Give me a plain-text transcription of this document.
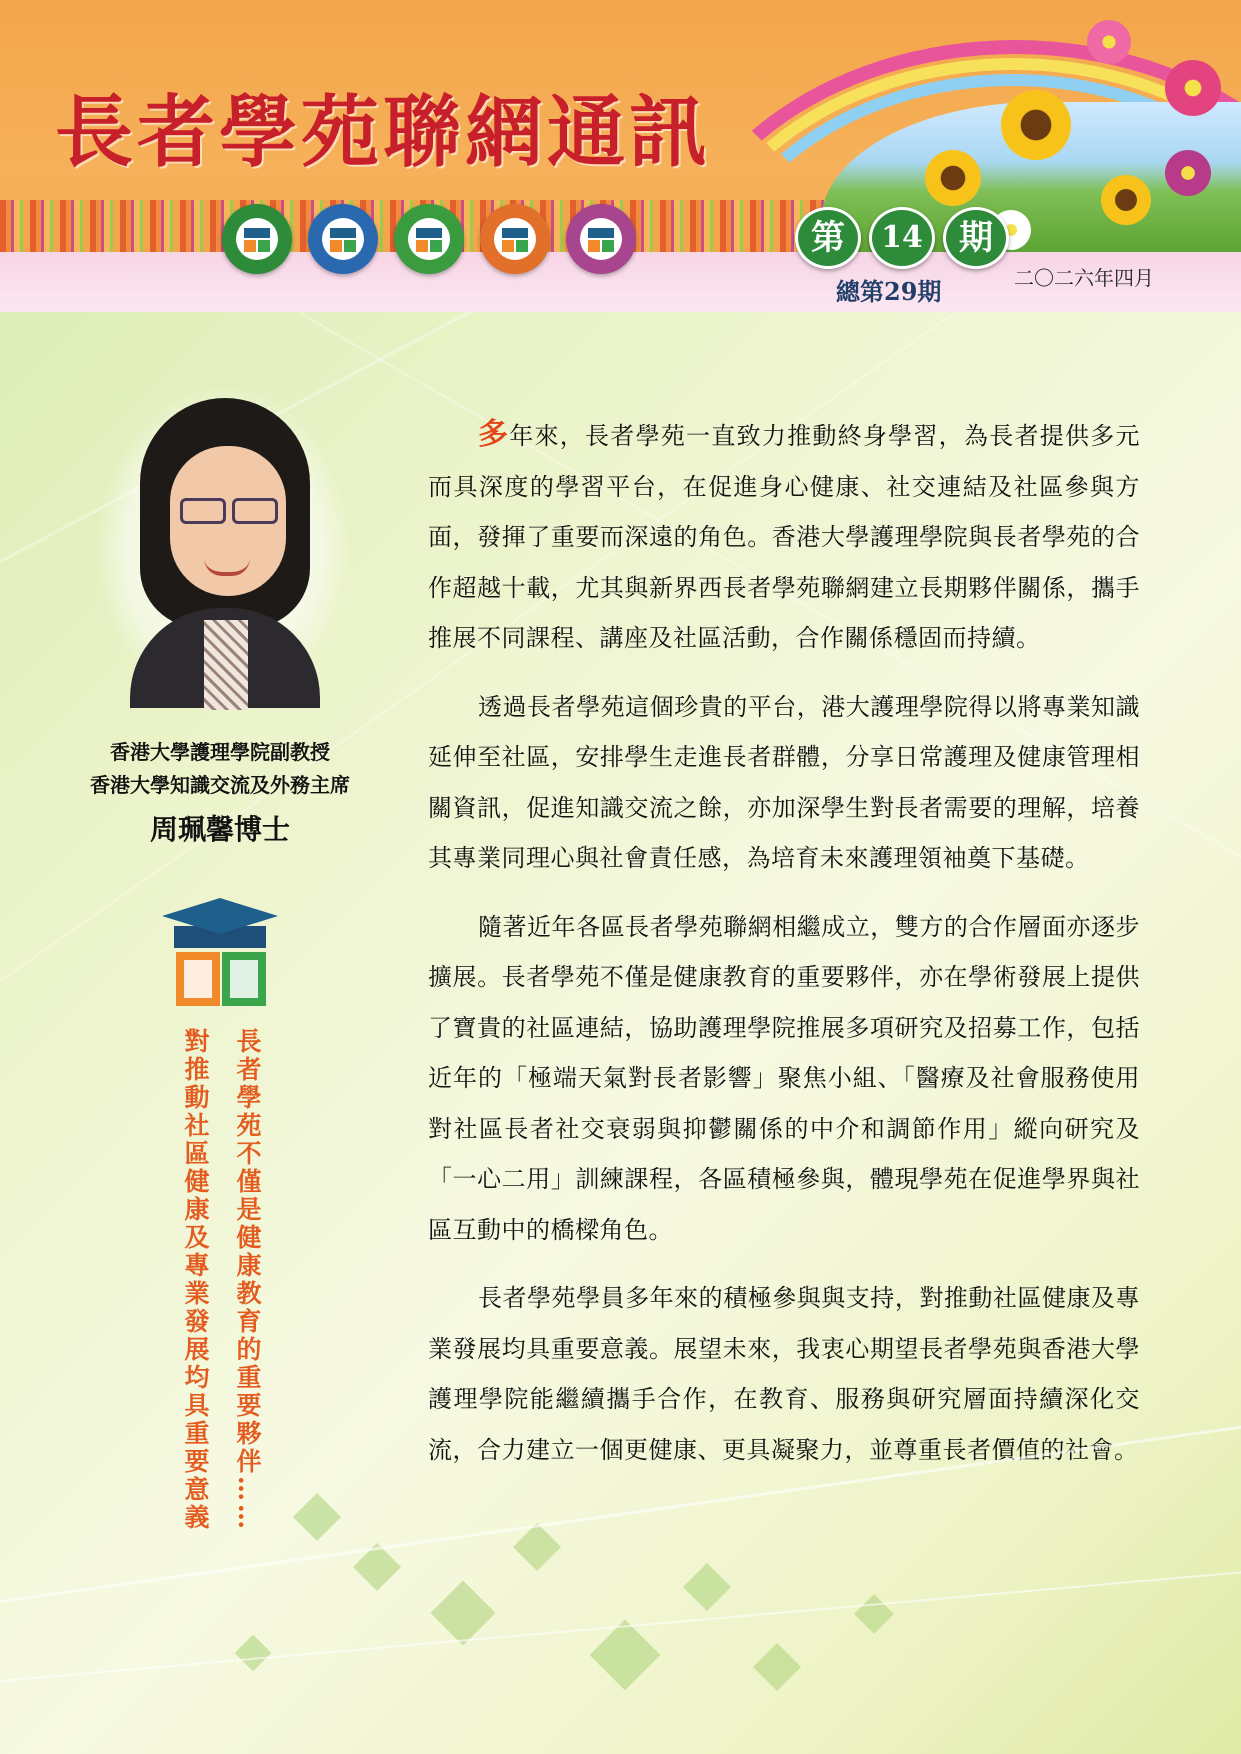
長者學苑聯網通訊
第	14	期
總第29期	二〇二六年四月
香港大學護理學院副教授
香港大學知識交流及外務主席
周珮馨博士
長者學苑不僅是健康教育的重要夥伴……
對推動社區健康及專業發展均具重要意義

多年來，長者學苑一直致力推動終身學習，為長者提供多元而具深度的學習平台，在促進身心健康、社交連結及社區參與方面，發揮了重要而深遠的角色。香港大學護理學院與長者學苑的合作超越十載，尤其與新界西長者學苑聯網建立長期夥伴關係，攜手推展不同課程、講座及社區活動，合作關係穩固而持續。

透過長者學苑這個珍貴的平台，港大護理學院得以將專業知識延伸至社區，安排學生走進長者群體，分享日常護理及健康管理相關資訊，促進知識交流之餘，亦加深學生對長者需要的理解，培養其專業同理心與社會責任感，為培育未來護理領袖奠下基礎。

隨著近年各區長者學苑聯網相繼成立，雙方的合作層面亦逐步擴展。長者學苑不僅是健康教育的重要夥伴，亦在學術發展上提供了寶貴的社區連結，協助護理學院推展多項研究及招募工作，包括近年的「極端天氣對長者影響」聚焦小組、「醫療及社會服務使用對社區長者社交衰弱與抑鬱關係的中介和調節作用」縱向研究及「一心二用」訓練課程，各區積極參與，體現學苑在促進學界與社區互動中的橋樑角色。

長者學苑學員多年來的積極參與與支持，對推動社區健康及專業發展均具重要意義。展望未來，我衷心期望長者學苑與香港大學護理學院能繼續攜手合作，在教育、服務與研究層面持續深化交流，合力建立一個更健康、更具凝聚力，並尊重長者價值的社會。
